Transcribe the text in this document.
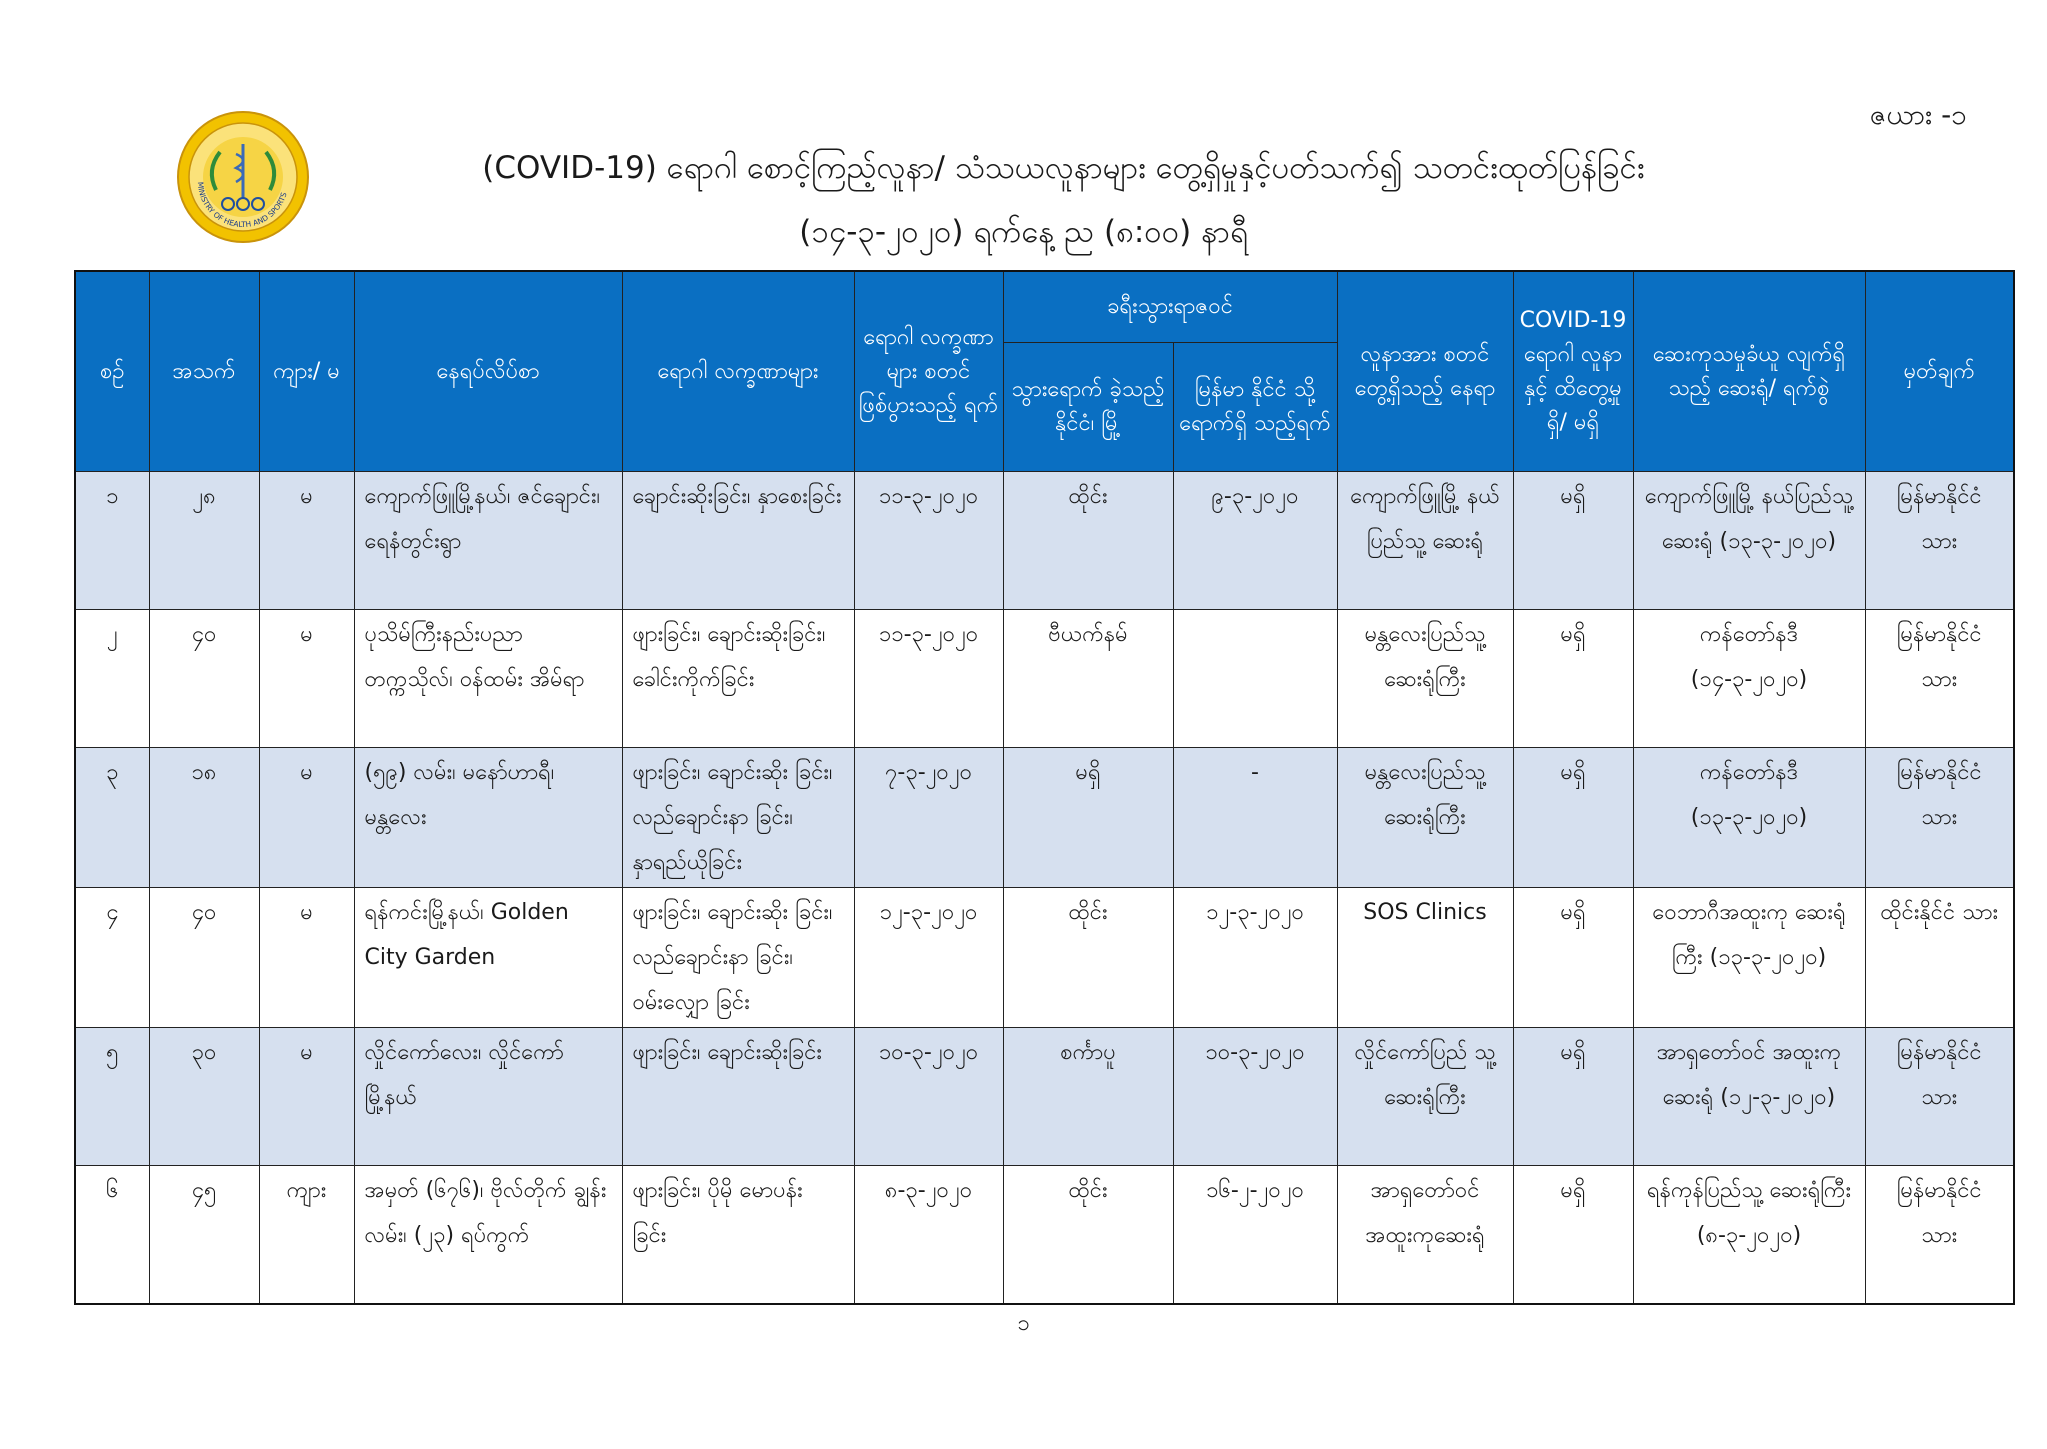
ဇယား -၁
MINISTRY OF HEALTH AND SPORTS
(COVID-19) ရောဂါ စောင့်ကြည့်လူနာ/ သံသယလူနာများ တွေ့ရှိမှုနှင့်ပတ်သက်၍ သတင်းထုတ်ပြန်ခြင်း
(၁၄-၃-၂၀၂၀) ရက်နေ့ ည (၈:၀၀) နာရီ
စဉ်	အသက်	ကျား/ မ	နေရပ်လိပ်စာ	ရောဂါ လက္ခဏာများ	ရောဂါ လက္ခဏာများ စတင် ဖြစ်ပွားသည့် ရက်	ခရီးသွားရာဇဝင်		လူနာအား စတင် တွေ့ရှိသည့် နေရာ	COVID-19 ရောဂါ လူနာနှင့် ထိတွေ့မှု ရှိ/ မရှိ	ဆေးကုသမှုခံယူ လျက်ရှိသည့် ဆေးရုံ/ ရက်စွဲ	မှတ်ချက်
						သွားရောက် ခဲ့သည့် နိုင်ငံ၊ မြို့	မြန်မာ နိုင်ငံ သို့ ရောက်ရှိ သည့်ရက်				
၁	၂၈	မ	ကျောက်ဖြူမြို့နယ်၊ ဇင်ချောင်း၊ ရေနံတွင်းရွာ	ချောင်းဆိုးခြင်း၊ နှာစေးခြင်း	၁၁-၃-၂၀၂၀	ထိုင်း	၉-၃-၂၀၂၀	ကျောက်ဖြူမြို့ နယ်ပြည်သူ့ ဆေးရုံ	မရှိ	ကျောက်ဖြူမြို့ နယ်ပြည်သူ့ဆေးရုံ (၁၃-၃-၂၀၂၀)	မြန်မာနိုင်ငံ သား
၂	၄၀	မ	ပုသိမ်ကြီးနည်းပညာ တက္ကသိုလ်၊ ဝန်ထမ်း အိမ်ရာ	ဖျားခြင်း၊ ချောင်းဆိုးခြင်း၊ ခေါင်းကိုက်ခြင်း	၁၁-၃-၂၀၂၀	ဗီယက်နမ်		မန္တလေးပြည်သူ့ ဆေးရုံကြီး	မရှိ	ကန်တော်နဒီ (၁၄-၃-၂၀၂၀)	မြန်မာနိုင်ငံ သား
၃	၁၈	မ	(၅၉) လမ်း၊ မနော်ဟာရီ၊ မန္တလေး	ဖျားခြင်း၊ ချောင်းဆိုး ခြင်း၊ လည်ချောင်းနာ ခြင်း၊ နှာရည်ယိုခြင်း	၇-၃-၂၀၂၀	မရှိ	-	မန္တလေးပြည်သူ့ ဆေးရုံကြီး	မရှိ	ကန်တော်နဒီ (၁၃-၃-၂၀၂၀)	မြန်မာနိုင်ငံ သား
၄	၄၀	မ	ရန်ကင်းမြို့နယ်၊ Golden City Garden	ဖျားခြင်း၊ ချောင်းဆိုး ခြင်း၊ လည်ချောင်းနာ ခြင်း၊ ဝမ်းလျှော ခြင်း	၁၂-၃-၂၀၂၀	ထိုင်း	၁၂-၃-၂၀၂၀	SOS Clinics	မရှိ	ဝေဘာဂီအထူးကု ဆေးရုံကြီး (၁၃-၃-၂၀၂၀)	ထိုင်းနိုင်ငံ သား
၅	၃၀	မ	လှိုင်ကော်လေး၊ လှိုင်ကော်မြို့နယ်	ဖျားခြင်း၊ ချောင်းဆိုးခြင်း	၁၀-၃-၂၀၂၀	စင်္ကာပူ	၁၀-၃-၂၀၂၀	လှိုင်ကော်ပြည် သူ့ ဆေးရုံကြီး	မရှိ	အာရှတော်ဝင် အထူးကုဆေးရုံ (၁၂-၃-၂၀၂၀)	မြန်မာနိုင်ငံ သား
၆	၄၅	ကျား	အမှတ် (၆၇၆)၊ ဗိုလ်တိုက် ချွန်းလမ်း၊ (၂၃) ရပ်ကွက်	ဖျားခြင်း၊ ပိုမို မောပန်း ခြင်း	၈-၃-၂၀၂၀	ထိုင်း	၁၆-၂-၂၀၂၀	အာရှတော်ဝင် အထူးကုဆေးရုံ	မရှိ	ရန်ကုန်ပြည်သူ့ ဆေးရုံကြီး (၈-၃-၂၀၂၀)	မြန်မာနိုင်ငံ သား
၁
